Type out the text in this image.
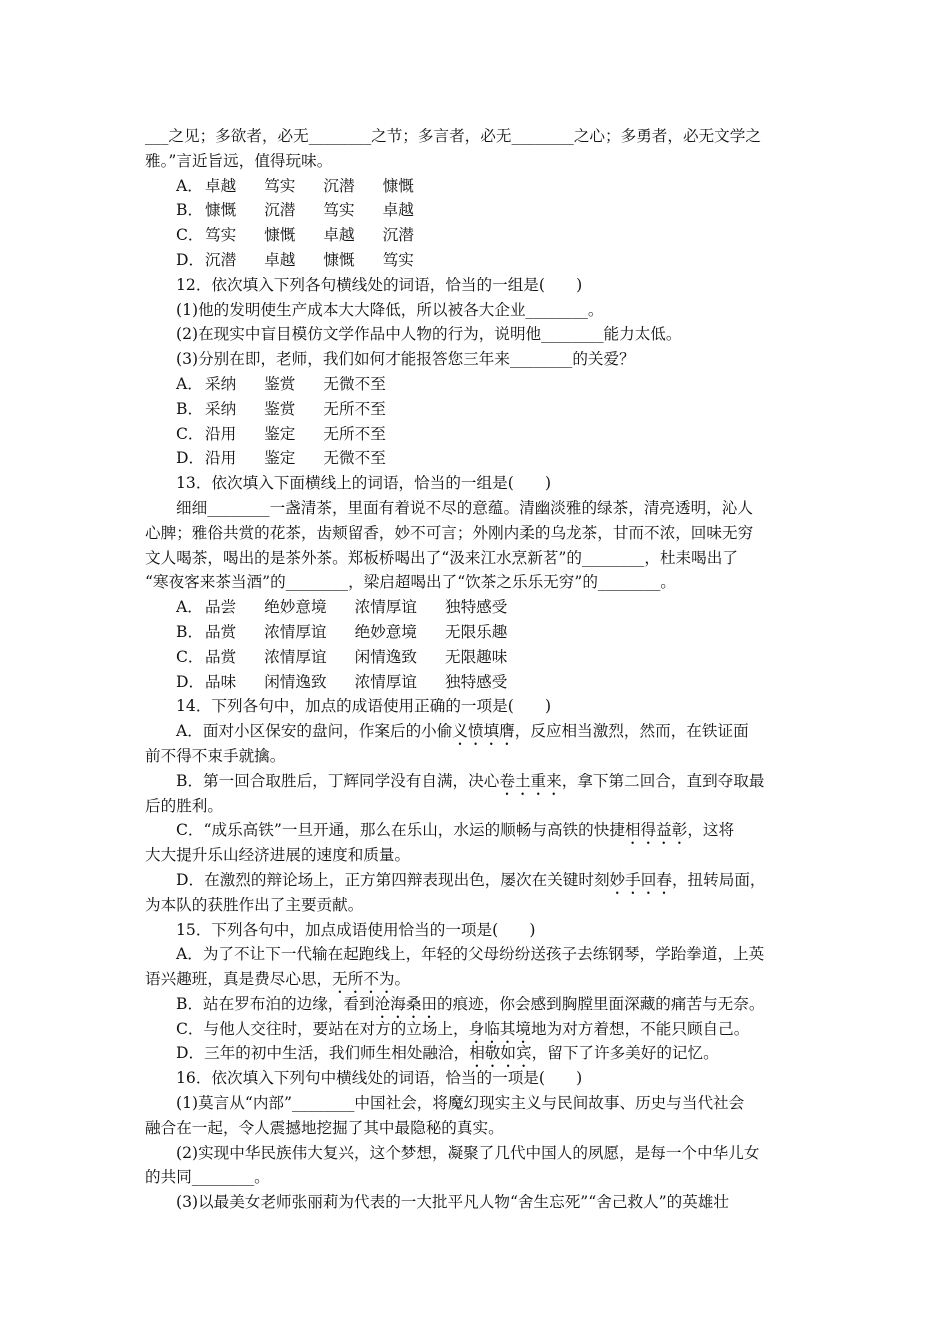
___之见；多欲者，必无________之节；多言者，必无________之心；多勇者，必无文学之
雅。”言近旨远，值得玩味。
A． 卓越 笃实 沉潜 慷慨
B． 慷慨 沉潜 笃实 卓越
C．笃实 慷慨 卓越 沉潜
D．沉潜 卓越 慷慨 笃实
12．依次填入下列各句横线处的词语，恰当的一组是(　　)
(1)他的发明使生产成本大大降低，所以被各大企业________。
(2)在现实中盲目模仿文学作品中人物的行为，说明他________能力太低。
(3)分别在即，老师，我们如何才能报答您三年来________的关爱？
A． 采纳 鉴赏 无微不至
B． 采纳 鉴赏 无所不至
C．沿用 鉴定 无所不至
D．沿用 鉴定 无微不至
13．依次填入下面横线上的词语，恰当的一组是(　　)
细细________一盏清茶，里面有着说不尽的意蕴。清幽淡雅的绿茶，清亮透明，沁人
心脾；雅俗共赏的花茶，齿颊留香，妙不可言；外刚内柔的乌龙茶，甘而不浓，回味无穷
文人喝茶，喝出的是茶外茶。郑板桥喝出了“汲来江水烹新茗”的________，杜耒喝出了
“寒夜客来茶当酒”的________，梁启超喝出了“饮茶之乐乐无穷”的________。
A． 品尝 绝妙意境 浓情厚谊 独特感受
B． 品赏 浓情厚谊 绝妙意境 无限乐趣
C．品赏 浓情厚谊 闲情逸致 无限趣味
D．品味 闲情逸致 浓情厚谊 独特感受
14．下列各句中，加点的成语使用正确的一项是(　　)
A．面对小区保安的盘问，作案后的小偷义愤填膺，反应相当激烈，然而，在铁证面
前不得不束手就擒。
B．第一回合取胜后，丁辉同学没有自满，决心卷土重来，拿下第二回合，直到夺取最
后的胜利。
C．“成乐高铁”一旦开通，那么在乐山，水运的顺畅与高铁的快捷相得益彰，这将
大大提升乐山经济进展的速度和质量。
D．在激烈的辩论场上，正方第四辩表现出色，屡次在关键时刻妙手回春，扭转局面，
为本队的获胜作出了主要贡献。
15．下列各句中，加点成语使用恰当的一项是(　　)
A．为了不让下一代输在起跑线上，年轻的父母纷纷送孩子去练钢琴，学跆拳道，上英
语兴趣班，真是费尽心思，无所不为。
B．站在罗布泊的边缘，看到沧海桑田的痕迹，你会感到胸膛里面深藏的痛苦与无奈。
C．与他人交往时，要站在对方的立场上，身临其境地为对方着想，不能只顾自己。
D．三年的初中生活，我们师生相处融洽，相敬如宾，留下了许多美好的记忆。
16．依次填入下列句中横线处的词语，恰当的一项是(　　)
(1)莫言从“内部”________中国社会，将魔幻现实主义与民间故事、历史与当代社会
融合在一起，令人震撼地挖掘了其中最隐秘的真实。
(2)实现中华民族伟大复兴，这个梦想，凝聚了几代中国人的夙愿，是每一个中华儿女
的共同________。
(3)以最美女老师张丽莉为代表的一大批平凡人物“舍生忘死”“舍己救人”的英雄壮
